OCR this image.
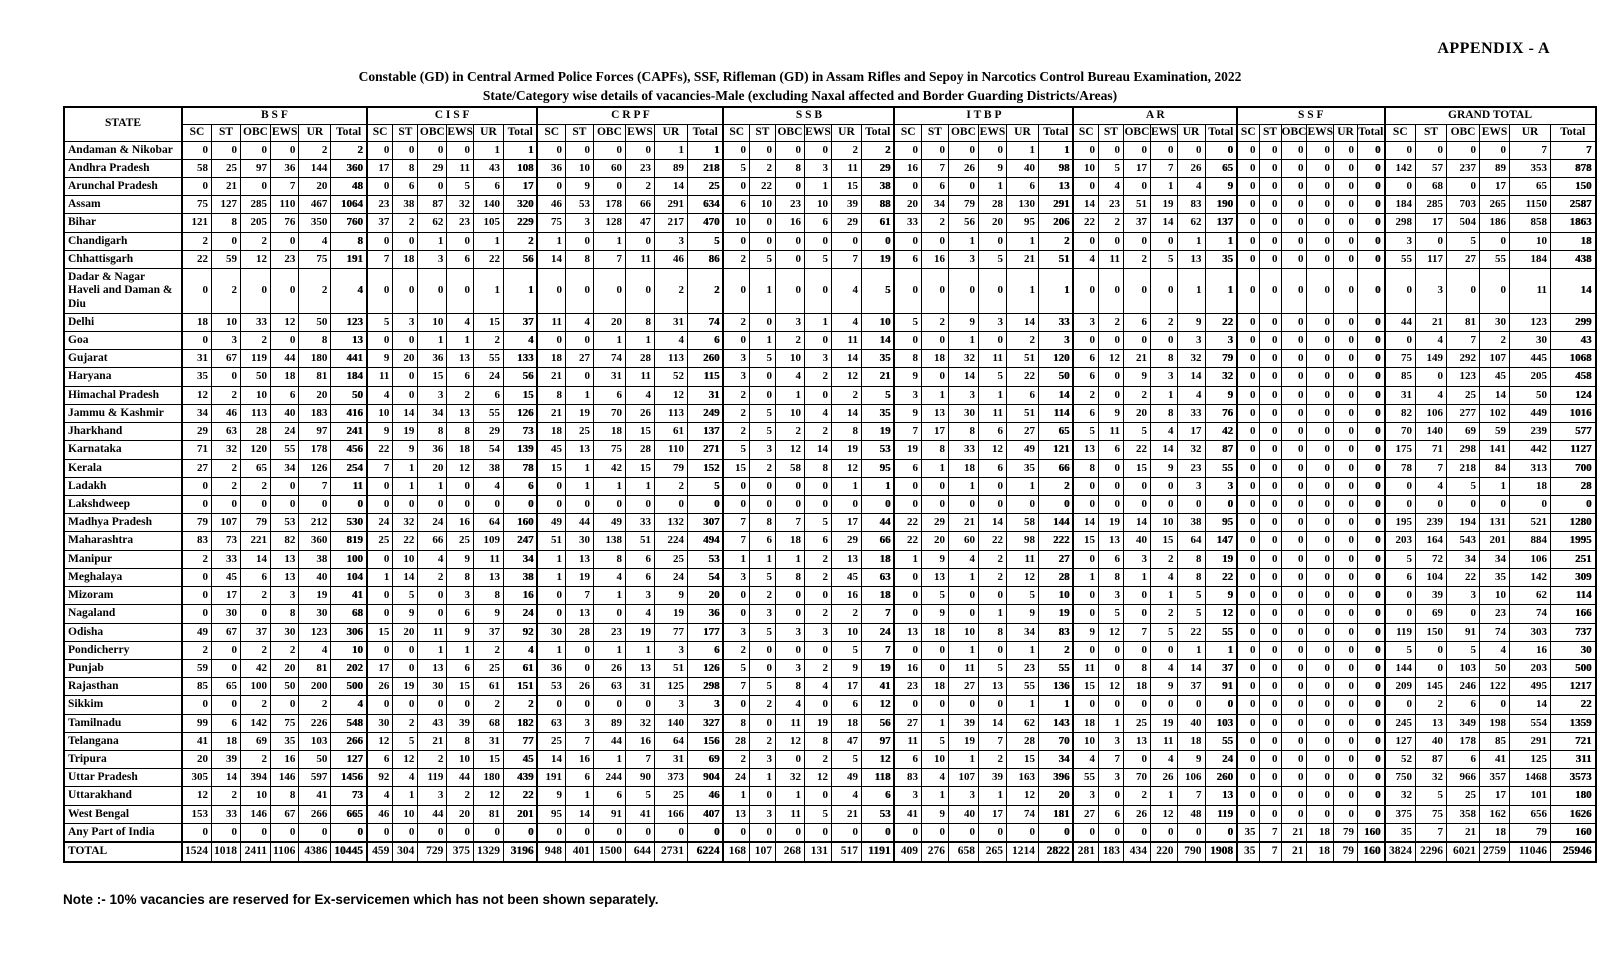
APPENDIX - A
Constable (GD) in Central Armed Police Forces (CAPFs), SSF, Rifleman (GD) in Assam Rifles and Sepoy in Narcotics Control Bureau Examination, 2022
State/Category wise details of vacancies-Male (excluding Naxal affected and Border Guarding Districts/Areas)
STATE	B S F						C I S F						C R P F						S S B						I T B P						A R						S S F						GRAND TOTAL					
	SC	ST	OBC	EWS	UR	Total	SC	ST	OBC	EWS	UR	Total	SC	ST	OBC	EWS	UR	Total	SC	ST	OBC	EWS	UR	Total	SC	ST	OBC	EWS	UR	Total	SC	ST	OBC	EWS	UR	Total	SC	ST	OBC	EWS	UR	Total	SC	ST	OBC	EWS	UR	Total
Andaman & Nikobar	0	0	0	0	2	2	0	0	0	0	1	1	0	0	0	0	1	1	0	0	0	0	2	2	0	0	0	0	1	1	0	0	0	0	0	0	0	0	0	0	0	0	0	0	0	0	7	7
Andhra Pradesh	58	25	97	36	144	360	17	8	29	11	43	108	36	10	60	23	89	218	5	2	8	3	11	29	16	7	26	9	40	98	10	5	17	7	26	65	0	0	0	0	0	0	142	57	237	89	353	878
Arunchal Pradesh	0	21	0	7	20	48	0	6	0	5	6	17	0	9	0	2	14	25	0	22	0	1	15	38	0	6	0	1	6	13	0	4	0	1	4	9	0	0	0	0	0	0	0	68	0	17	65	150
Assam	75	127	285	110	467	1064	23	38	87	32	140	320	46	53	178	66	291	634	6	10	23	10	39	88	20	34	79	28	130	291	14	23	51	19	83	190	0	0	0	0	0	0	184	285	703	265	1150	2587
Bihar	121	8	205	76	350	760	37	2	62	23	105	229	75	3	128	47	217	470	10	0	16	6	29	61	33	2	56	20	95	206	22	2	37	14	62	137	0	0	0	0	0	0	298	17	504	186	858	1863
Chandigarh	2	0	2	0	4	8	0	0	1	0	1	2	1	0	1	0	3	5	0	0	0	0	0	0	0	0	1	0	1	2	0	0	0	0	1	1	0	0	0	0	0	0	3	0	5	0	10	18
Chhattisgarh	22	59	12	23	75	191	7	18	3	6	22	56	14	8	7	11	46	86	2	5	0	5	7	19	6	16	3	5	21	51	4	11	2	5	13	35	0	0	0	0	0	0	55	117	27	55	184	438
Dadar & Nagar Haveli and Daman & Diu	0	2	0	0	2	4	0	0	0	0	1	1	0	0	0	0	2	2	0	1	0	0	4	5	0	0	0	0	1	1	0	0	0	0	1	1	0	0	0	0	0	0	0	3	0	0	11	14
Delhi	18	10	33	12	50	123	5	3	10	4	15	37	11	4	20	8	31	74	2	0	3	1	4	10	5	2	9	3	14	33	3	2	6	2	9	22	0	0	0	0	0	0	44	21	81	30	123	299
Goa	0	3	2	0	8	13	0	0	1	1	2	4	0	0	1	1	4	6	0	1	2	0	11	14	0	0	1	0	2	3	0	0	0	0	3	3	0	0	0	0	0	0	0	4	7	2	30	43
Gujarat	31	67	119	44	180	441	9	20	36	13	55	133	18	27	74	28	113	260	3	5	10	3	14	35	8	18	32	11	51	120	6	12	21	8	32	79	0	0	0	0	0	0	75	149	292	107	445	1068
Haryana	35	0	50	18	81	184	11	0	15	6	24	56	21	0	31	11	52	115	3	0	4	2	12	21	9	0	14	5	22	50	6	0	9	3	14	32	0	0	0	0	0	0	85	0	123	45	205	458
Himachal Pradesh	12	2	10	6	20	50	4	0	3	2	6	15	8	1	6	4	12	31	2	0	1	0	2	5	3	1	3	1	6	14	2	0	2	1	4	9	0	0	0	0	0	0	31	4	25	14	50	124
Jammu & Kashmir	34	46	113	40	183	416	10	14	34	13	55	126	21	19	70	26	113	249	2	5	10	4	14	35	9	13	30	11	51	114	6	9	20	8	33	76	0	0	0	0	0	0	82	106	277	102	449	1016
Jharkhand	29	63	28	24	97	241	9	19	8	8	29	73	18	25	18	15	61	137	2	5	2	2	8	19	7	17	8	6	27	65	5	11	5	4	17	42	0	0	0	0	0	0	70	140	69	59	239	577
Karnataka	71	32	120	55	178	456	22	9	36	18	54	139	45	13	75	28	110	271	5	3	12	14	19	53	19	8	33	12	49	121	13	6	22	14	32	87	0	0	0	0	0	0	175	71	298	141	442	1127
Kerala	27	2	65	34	126	254	7	1	20	12	38	78	15	1	42	15	79	152	15	2	58	8	12	95	6	1	18	6	35	66	8	0	15	9	23	55	0	0	0	0	0	0	78	7	218	84	313	700
Ladakh	0	2	2	0	7	11	0	1	1	0	4	6	0	1	1	1	2	5	0	0	0	0	1	1	0	0	1	0	1	2	0	0	0	0	3	3	0	0	0	0	0	0	0	4	5	1	18	28
Lakshdweep	0	0	0	0	0	0	0	0	0	0	0	0	0	0	0	0	0	0	0	0	0	0	0	0	0	0	0	0	0	0	0	0	0	0	0	0	0	0	0	0	0	0	0	0	0	0	0	0
Madhya Pradesh	79	107	79	53	212	530	24	32	24	16	64	160	49	44	49	33	132	307	7	8	7	5	17	44	22	29	21	14	58	144	14	19	14	10	38	95	0	0	0	0	0	0	195	239	194	131	521	1280
Maharashtra	83	73	221	82	360	819	25	22	66	25	109	247	51	30	138	51	224	494	7	6	18	6	29	66	22	20	60	22	98	222	15	13	40	15	64	147	0	0	0	0	0	0	203	164	543	201	884	1995
Manipur	2	33	14	13	38	100	0	10	4	9	11	34	1	13	8	6	25	53	1	1	1	2	13	18	1	9	4	2	11	27	0	6	3	2	8	19	0	0	0	0	0	0	5	72	34	34	106	251
Meghalaya	0	45	6	13	40	104	1	14	2	8	13	38	1	19	4	6	24	54	3	5	8	2	45	63	0	13	1	2	12	28	1	8	1	4	8	22	0	0	0	0	0	0	6	104	22	35	142	309
Mizoram	0	17	2	3	19	41	0	5	0	3	8	16	0	7	1	3	9	20	0	2	0	0	16	18	0	5	0	0	5	10	0	3	0	1	5	9	0	0	0	0	0	0	0	39	3	10	62	114
Nagaland	0	30	0	8	30	68	0	9	0	6	9	24	0	13	0	4	19	36	0	3	0	2	2	7	0	9	0	1	9	19	0	5	0	2	5	12	0	0	0	0	0	0	0	69	0	23	74	166
Odisha	49	67	37	30	123	306	15	20	11	9	37	92	30	28	23	19	77	177	3	5	3	3	10	24	13	18	10	8	34	83	9	12	7	5	22	55	0	0	0	0	0	0	119	150	91	74	303	737
Pondicherry	2	0	2	2	4	10	0	0	1	1	2	4	1	0	1	1	3	6	2	0	0	0	5	7	0	0	1	0	1	2	0	0	0	0	1	1	0	0	0	0	0	0	5	0	5	4	16	30
Punjab	59	0	42	20	81	202	17	0	13	6	25	61	36	0	26	13	51	126	5	0	3	2	9	19	16	0	11	5	23	55	11	0	8	4	14	37	0	0	0	0	0	0	144	0	103	50	203	500
Rajasthan	85	65	100	50	200	500	26	19	30	15	61	151	53	26	63	31	125	298	7	5	8	4	17	41	23	18	27	13	55	136	15	12	18	9	37	91	0	0	0	0	0	0	209	145	246	122	495	1217
Sikkim	0	0	2	0	2	4	0	0	0	0	2	2	0	0	0	0	3	3	0	2	4	0	6	12	0	0	0	0	1	1	0	0	0	0	0	0	0	0	0	0	0	0	0	2	6	0	14	22
Tamilnadu	99	6	142	75	226	548	30	2	43	39	68	182	63	3	89	32	140	327	8	0	11	19	18	56	27	1	39	14	62	143	18	1	25	19	40	103	0	0	0	0	0	0	245	13	349	198	554	1359
Telangana	41	18	69	35	103	266	12	5	21	8	31	77	25	7	44	16	64	156	28	2	12	8	47	97	11	5	19	7	28	70	10	3	13	11	18	55	0	0	0	0	0	0	127	40	178	85	291	721
Tripura	20	39	2	16	50	127	6	12	2	10	15	45	14	16	1	7	31	69	2	3	0	2	5	12	6	10	1	2	15	34	4	7	0	4	9	24	0	0	0	0	0	0	52	87	6	41	125	311
Uttar Pradesh	305	14	394	146	597	1456	92	4	119	44	180	439	191	6	244	90	373	904	24	1	32	12	49	118	83	4	107	39	163	396	55	3	70	26	106	260	0	0	0	0	0	0	750	32	966	357	1468	3573
Uttarakhand	12	2	10	8	41	73	4	1	3	2	12	22	9	1	6	5	25	46	1	0	1	0	4	6	3	1	3	1	12	20	3	0	2	1	7	13	0	0	0	0	0	0	32	5	25	17	101	180
West Bengal	153	33	146	67	266	665	46	10	44	20	81	201	95	14	91	41	166	407	13	3	11	5	21	53	41	9	40	17	74	181	27	6	26	12	48	119	0	0	0	0	0	0	375	75	358	162	656	1626
Any Part of India	0	0	0	0	0	0	0	0	0	0	0	0	0	0	0	0	0	0	0	0	0	0	0	0	0	0	0	0	0	0	0	0	0	0	0	0	35	7	21	18	79	160	35	7	21	18	79	160
TOTAL	1524	1018	2411	1106	4386	10445	459	304	729	375	1329	3196	948	401	1500	644	2731	6224	168	107	268	131	517	1191	409	276	658	265	1214	2822	281	183	434	220	790	1908	35	7	21	18	79	160	3824	2296	6021	2759	11046	25946
Note :- 10% vacancies are reserved for Ex-servicemen which has not been shown separately.
